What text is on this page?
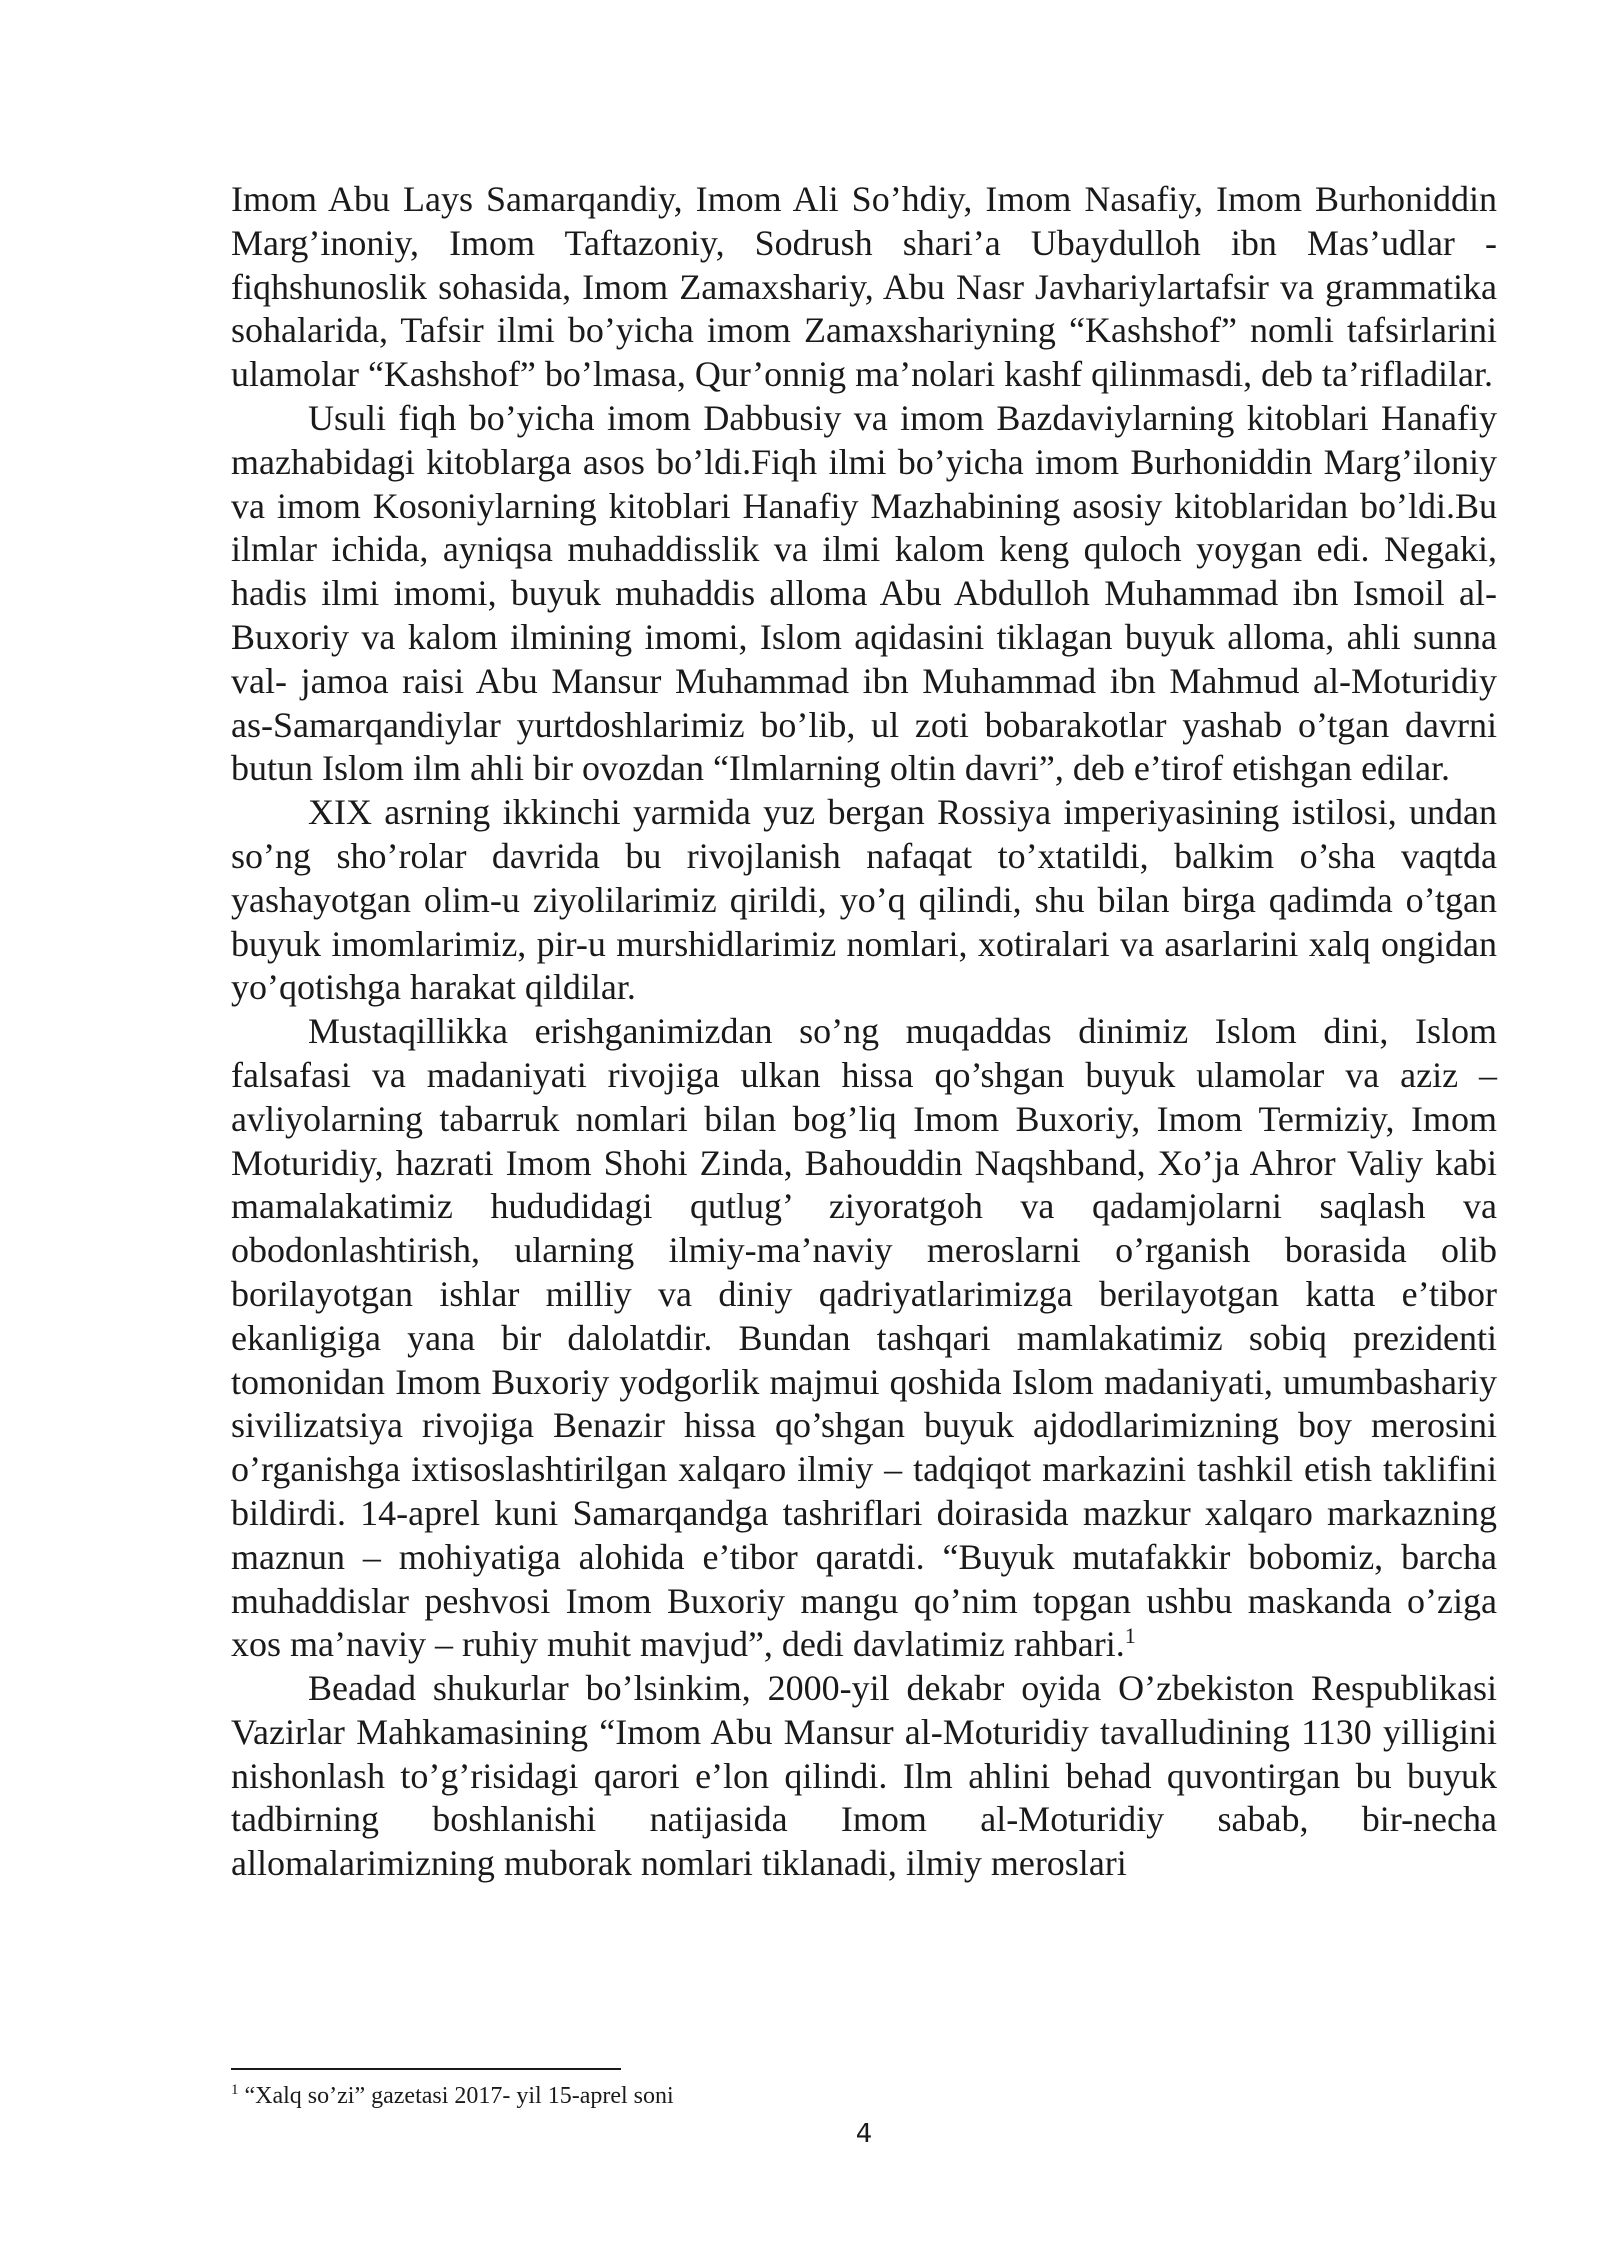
Imom Abu Lays Samarqandiy, Imom Ali So’hdiy, Imom Nasafiy, Imom Burhoniddin Marg’inoniy, Imom Taftazoniy, Sodrush shari’a Ubaydulloh ibn Mas’udlar - fiqhshunoslik sohasida, Imom Zamaxshariy, Abu Nasr Javhariylartafsir va grammatika sohalarida, Tafsir ilmi bo’yicha imom Zamaxshariyning “Kashshof” nomli tafsirlarini ulamolar “Kashshof” bo’lmasa, Qur’onnig ma’nolari kashf qilinmasdi, deb ta’rifladilar.

Usuli fiqh bo’yicha imom Dabbusiy va imom Bazdaviylarning kitoblari Hanafiy mazhabidagi kitoblarga asos bo’ldi.Fiqh ilmi bo’yicha imom Burhoniddin Marg’iloniy va imom Kosoniylarning kitoblari Hanafiy Mazhabining asosiy kitoblaridan bo’ldi.Bu ilmlar ichida, ayniqsa muhaddisslik va ilmi kalom keng quloch yoygan edi. Negaki, hadis ilmi imomi, buyuk muhaddis alloma Abu Abdulloh Muhammad ibn Ismoil al-Buxoriy va kalom ilmining imomi, Islom aqidasini tiklagan buyuk alloma, ahli sunna val- jamoa raisi Abu Mansur Muhammad ibn Muhammad ibn Mahmud al-Moturidiy as-Samarqandiylar yurtdoshlarimiz bo’lib, ul zoti bobarakotlar yashab o’tgan davrni butun Islom ilm ahli bir ovozdan “Ilmlarning oltin davri”, deb e’tirof etishgan edilar.

XIX asrning ikkinchi yarmida yuz bergan Rossiya imperiyasining istilosi, undan so’ng sho’rolar davrida bu rivojlanish nafaqat to’xtatildi, balkim o’sha vaqtda yashayotgan olim-u ziyolilarimiz qirildi, yo’q qilindi, shu bilan birga qadimda o’tgan buyuk imomlarimiz, pir-u murshidlarimiz nomlari, xotiralari va asarlarini xalq ongidan yo’qotishga harakat qildilar.

Mustaqillikka erishganimizdan so’ng muqaddas dinimiz Islom dini, Islom falsafasi va madaniyati rivojiga ulkan hissa qo’shgan buyuk ulamolar va aziz – avliyolarning tabarruk nomlari bilan bog’liq Imom Buxoriy, Imom Termiziy, Imom Moturidiy, hazrati Imom Shohi Zinda, Bahouddin Naqshband, Xo’ja Ahror Valiy kabi mamalakatimiz hududidagi qutlug’ ziyoratgoh va qadamjolarni saqlash va obodonlashtirish, ularning ilmiy-ma’naviy meroslarni o’rganish borasida olib borilayotgan ishlar milliy va diniy qadriyatlarimizga berilayotgan katta e’tibor ekanligiga yana bir dalolatdir. Bundan tashqari mamlakatimiz sobiq prezidenti tomonidan Imom Buxoriy yodgorlik majmui qoshida Islom madaniyati, umumbashariy sivilizatsiya rivojiga Benazir hissa qo’shgan buyuk ajdodlarimizning boy merosini o’rganishga ixtisoslashtirilgan xalqaro ilmiy – tadqiqot markazini tashkil etish taklifini bildirdi. 14-aprel kuni Samarqandga tashriflari doirasida mazkur xalqaro markazning maznun – mohiyatiga alohida e’tibor qaratdi. “Buyuk mutafakkir bobomiz, barcha muhaddislar peshvosi Imom Buxoriy mangu qo’nim topgan ushbu maskanda o’ziga xos ma’naviy – ruhiy muhit mavjud”, dedi davlatimiz rahbari.$^1$

Beadad shukurlar bo’lsinkim, 2000-yil dekabr oyida O’zbekiston Respublikasi Vazirlar Mahkamasining “Imom Abu Mansur al-Moturidiy tavalludining 1130 yilligini nishonlash to’g’risidagi qarori e’lon qilindi. Ilm ahlini behad quvontirgan bu buyuk tadbirning boshlanishi natijasida Imom al-Moturidiy sabab, bir-necha allomalarimizning muborak nomlari tiklanadi, ilmiy meroslari

$^1$ “Xalq so’zi” gazetasi 2017- yil 15-aprel soni
4
